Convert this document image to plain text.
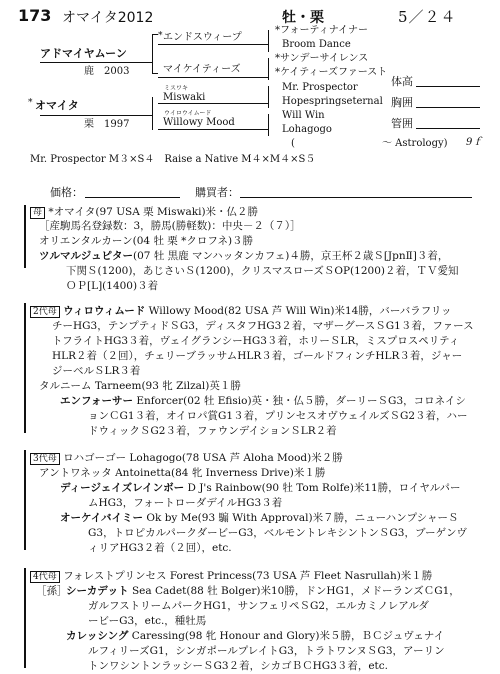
173 オマイタ2012	牡・栗	5／２４
アドマイヤムーン
鹿　2003
* オマイタ
栗　1997
* エンドスウィープ
マイケイティーズ
ミスワキ
Miswaki
ウイロウイムード
Willowy Mood
*フォーティナイナー
Broom Dance
*サンデーサイレンス
*ケイティーズファースト
Mr. Prospector
Hopespringseternal
Will Win
Lohagogo
(	～ Astrology) 9ｆ
体高
胸囲
管囲
Mr. Prospector M３×S４　Raise a Native M４×M４×S５
価格：	購買者：
母 *オマイタ(97 USA 栗 Miswaki)米・仏２勝
［産駒馬名登録数：3，勝馬(勝軽数)：中央－２（７）］
オリエンタルカーン(04 牡 栗 *クロフネ)３勝
ツルマルジュピター(07 牡 黒鹿 マンハッタンカフェ)４勝，京王杯２歳Ｓ[JpnⅡ]３着，
下関Ｓ(1200)，あじさいＳ(1200)，クリスマスローズＳOP(1200)２着，ＴＶ愛知
ＯＰ[L](1400)３着
2代母 ウィロウィムード Willowy Mood(82 USA 芦 Will Win)米14勝，バーバラフリッ
チーHG3，テンプティドＳG3，ディスタフHG3２着，マザーグースＳG1３着，ファース
トフライトHG3３着，ヴェイグランシーHG3３着，ホリーＳLR，ミスプロスペリティ
HLR２着（２回），チェリーブラッサムHLR３着，ゴールドフィンチHLR３着，ジャー
ジーベルＳLR３着
タルニーム Tarneem(93 牝 Zilzal)英１勝
エンフォーサー Enforcer(02 牡 Efisio)英・独・仏５勝，ダーリーＳG3，コロネイシ
ョンＣG1３着，オイロパ賞G1３着，プリンセスオヴウェイルズＳG2３着，ハー
ドウィックＳG2３着，ファウンデイションＳLR２着
3代母 ロハゴーゴー Lohagogo(78 USA 芦 Aloha Mood)米２勝
アントワネッタ Antoinetta(84 牝 Inverness Drive)米１勝
ディージェイズレインボー D J's Rainbow(90 牡 Tom Rolfe)米11勝，ロイヤルパー
ムHG3，フォートローダデイルHG3３着
オーケイバイミー Ok by Me(93 騸 With Approval)米７勝，ニューハンプシャーＳ
G3，トロピカルパークダービーG3，ベルモントレキシントンＳG3，ブーゲンヴ
ィリアHG3２着（２回），etc.
4代母 フォレストプリンセス Forest Princess(73 USA 芦 Fleet Nasrullah)米１勝
［孫］
シーカデット Sea Cadet(88 牡 Bolger)米10勝，ドンHG1，メドーランズＣG1，
ガルフストリームパークHG1，サンフェリペＳG2，エルカミノレアルダ
ービーG3，etc.，種牡馬
カレッシング Caressing(98 牝 Honour and Glory)米５勝，ＢＣジュヴェナイ
ルフィリーズG1，シンガポールプレイトG3，トラトワンヌＳG3，アーリン
トンワシントンラッシーＳG3２着，シカゴＢＣHG3３着，etc.
